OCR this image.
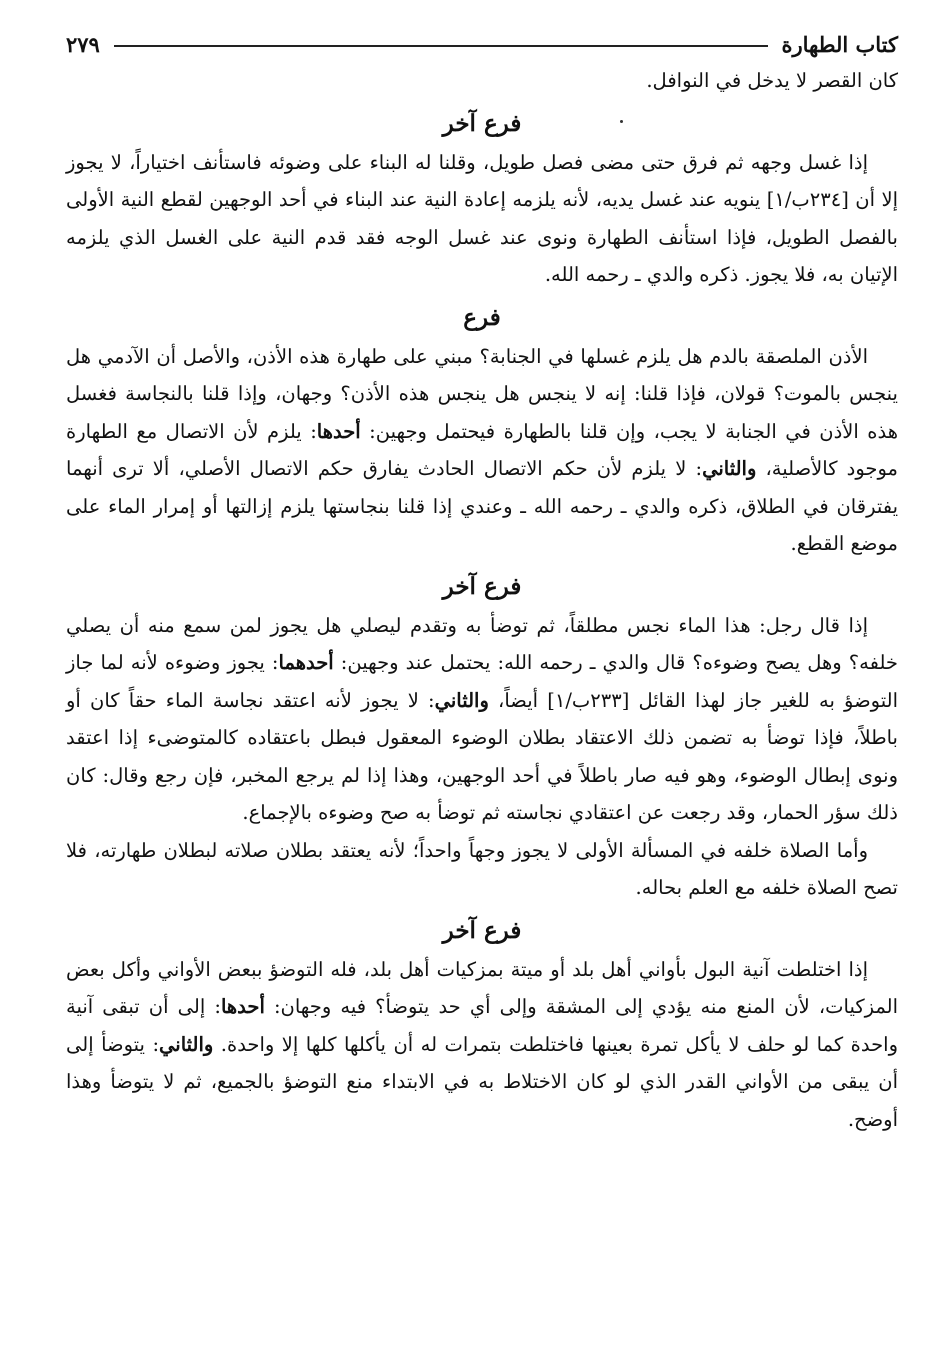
كتاب الطهارة
٢٧٩

كان القصر لا يدخل في النوافل.

فرع آخر

إذا غسل وجهه ثم فرق حتى مضى فصل طويل، وقلنا له البناء على وضوئه فاستأنف اختياراً، لا يجوز إلا أن [٢٣٤ب/١] ينويه عند غسل يديه، لأنه يلزمه إعادة النية عند البناء في أحد الوجهين لقطع النية الأولى بالفصل الطويل، فإذا استأنف الطهارة ونوى عند غسل الوجه فقد قدم النية على الغسل الذي يلزمه الإتيان به، فلا يجوز. ذكره والدي ـ رحمه الله.

فرع

الأذن الملصقة بالدم هل يلزم غسلها في الجنابة؟ مبني على طهارة هذه الأذن، والأصل أن الآدمي هل ينجس بالموت؟ قولان، فإذا قلنا: إنه لا ينجس هل ينجس هذه الأذن؟ وجهان، وإذا قلنا بالنجاسة فغسل هذه الأذن في الجنابة لا يجب، وإن قلنا بالطهارة فيحتمل وجهين: أحدها: يلزم لأن الاتصال مع الطهارة موجود كالأصلية، والثاني: لا يلزم لأن حكم الاتصال الحادث يفارق حكم الاتصال الأصلي، ألا ترى أنهما يفترقان في الطلاق، ذكره والدي ـ رحمه الله ـ وعندي إذا قلنا بنجاستها يلزم إزالتها أو إمرار الماء على موضع القطع.

فرع آخر

إذا قال رجل: هذا الماء نجس مطلقاً، ثم توضأ به وتقدم ليصلي هل يجوز لمن سمع منه أن يصلي خلفه؟ وهل يصح وضوءه؟ قال والدي ـ رحمه الله: يحتمل عند وجهين: أحدهما: يجوز وضوءه لأنه لما جاز التوضؤ به للغير جاز لهذا القائل [٢٣٣ب/١] أيضاً، والثاني: لا يجوز لأنه اعتقد نجاسة الماء حقاً كان أو باطلاً، فإذا توضأ به تضمن ذلك الاعتقاد بطلان الوضوء المعقول فبطل باعتقاده كالمتوضىء إذا اعتقد ونوى إبطال الوضوء، وهو فيه صار باطلاً في أحد الوجهين، وهذا إذا لم يرجع المخبر، فإن رجع وقال: كان ذلك سؤر الحمار، وقد رجعت عن اعتقادي نجاسته ثم توضأ به صح وضوءه بالإجماع.

وأما الصلاة خلفه في المسألة الأولى لا يجوز وجهاً واحداً؛ لأنه يعتقد بطلان صلاته لبطلان طهارته، فلا تصح الصلاة خلفه مع العلم بحاله.

فرع آخر

إذا اختلطت آنية البول بأواني أهل بلد أو ميتة بمزكيات أهل بلد، فله التوضؤ ببعض الأواني وأكل بعض المزكيات، لأن المنع منه يؤدي إلى المشقة وإلى أي حد يتوضأ؟ فيه وجهان: أحدها: إلى أن تبقى آنية واحدة كما لو حلف لا يأكل تمرة بعينها فاختلطت بتمرات له أن يأكلها كلها إلا واحدة. والثاني: يتوضأ إلى أن يبقى من الأواني القدر الذي لو كان الاختلاط به في الابتداء منع التوضؤ بالجميع، ثم لا يتوضأ وهذا أوضح.
